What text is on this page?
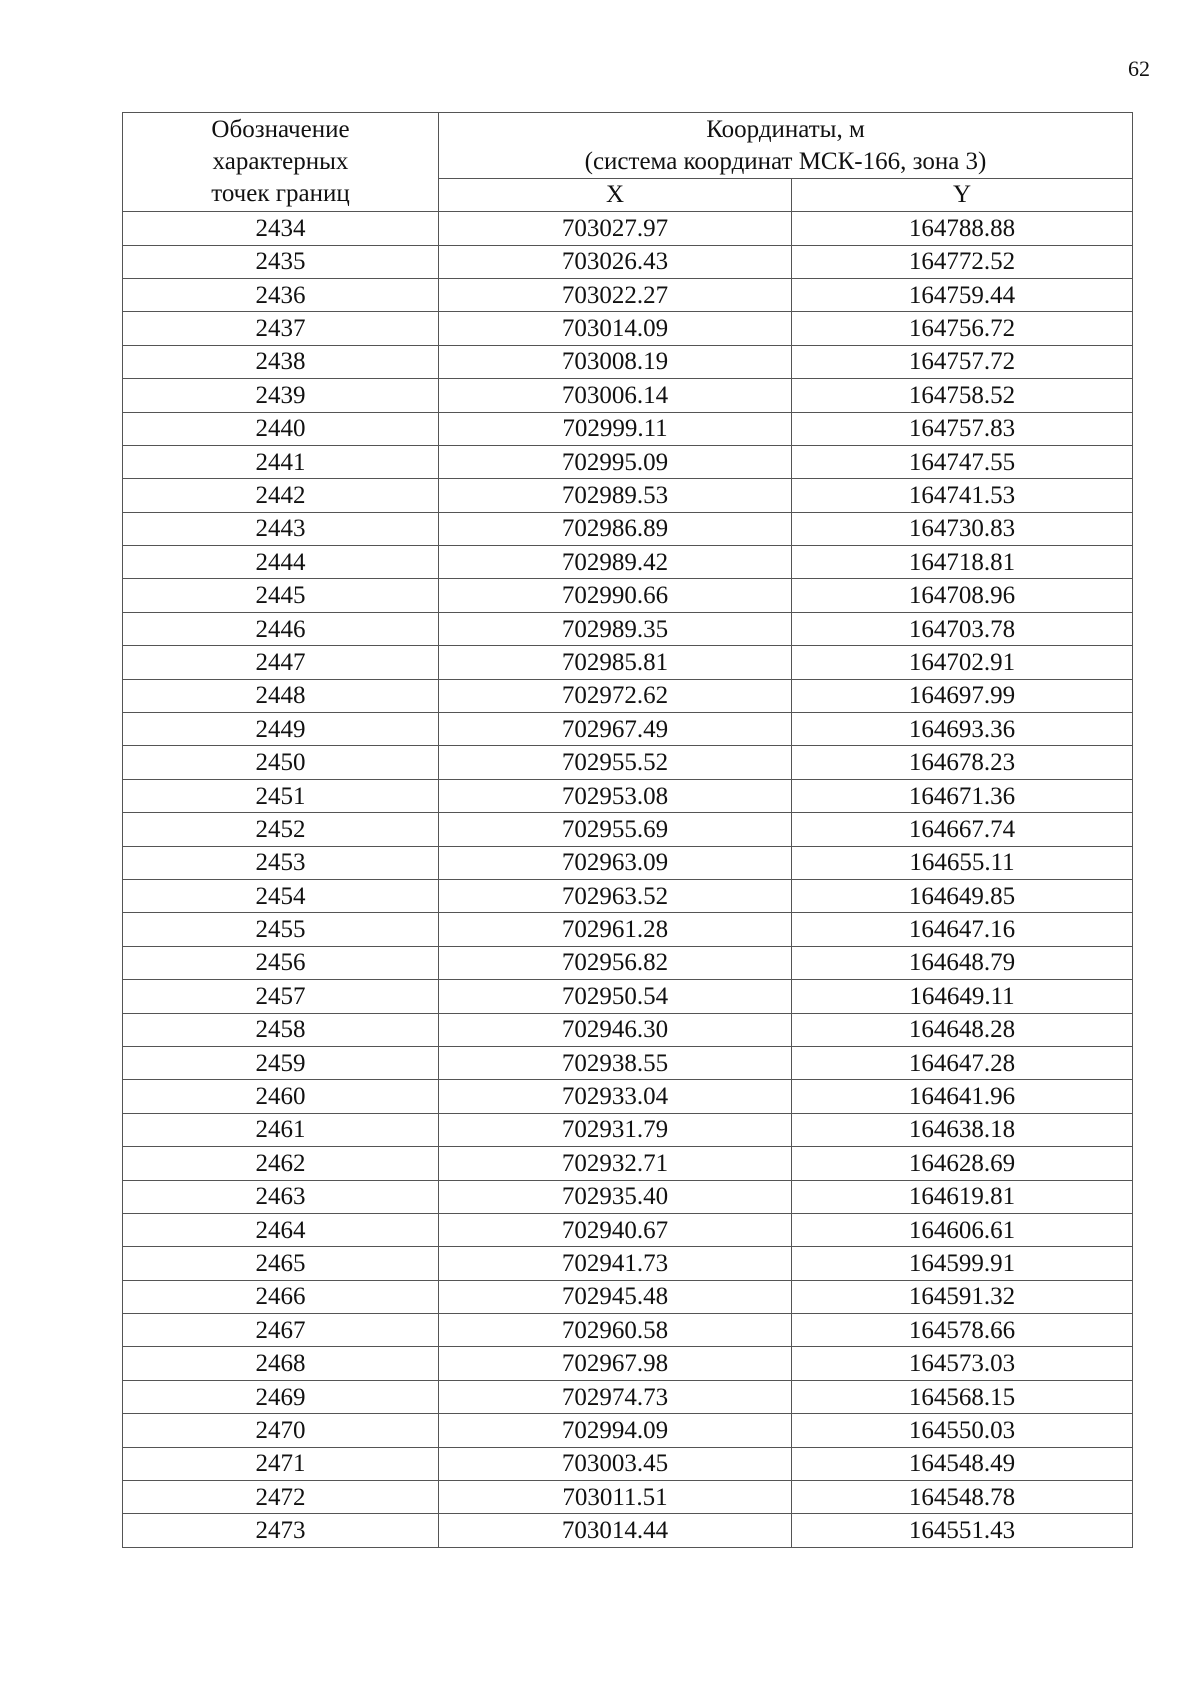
62
Обозначение характерных точек границ	Координаты, м	
	(система координат МСК-166, зона 3)	
	X	Y
2434	703027.97	164788.88
2435	703026.43	164772.52
2436	703022.27	164759.44
2437	703014.09	164756.72
2438	703008.19	164757.72
2439	703006.14	164758.52
2440	702999.11	164757.83
2441	702995.09	164747.55
2442	702989.53	164741.53
2443	702986.89	164730.83
2444	702989.42	164718.81
2445	702990.66	164708.96
2446	702989.35	164703.78
2447	702985.81	164702.91
2448	702972.62	164697.99
2449	702967.49	164693.36
2450	702955.52	164678.23
2451	702953.08	164671.36
2452	702955.69	164667.74
2453	702963.09	164655.11
2454	702963.52	164649.85
2455	702961.28	164647.16
2456	702956.82	164648.79
2457	702950.54	164649.11
2458	702946.30	164648.28
2459	702938.55	164647.28
2460	702933.04	164641.96
2461	702931.79	164638.18
2462	702932.71	164628.69
2463	702935.40	164619.81
2464	702940.67	164606.61
2465	702941.73	164599.91
2466	702945.48	164591.32
2467	702960.58	164578.66
2468	702967.98	164573.03
2469	702974.73	164568.15
2470	702994.09	164550.03
2471	703003.45	164548.49
2472	703011.51	164548.78
2473	703014.44	164551.43
